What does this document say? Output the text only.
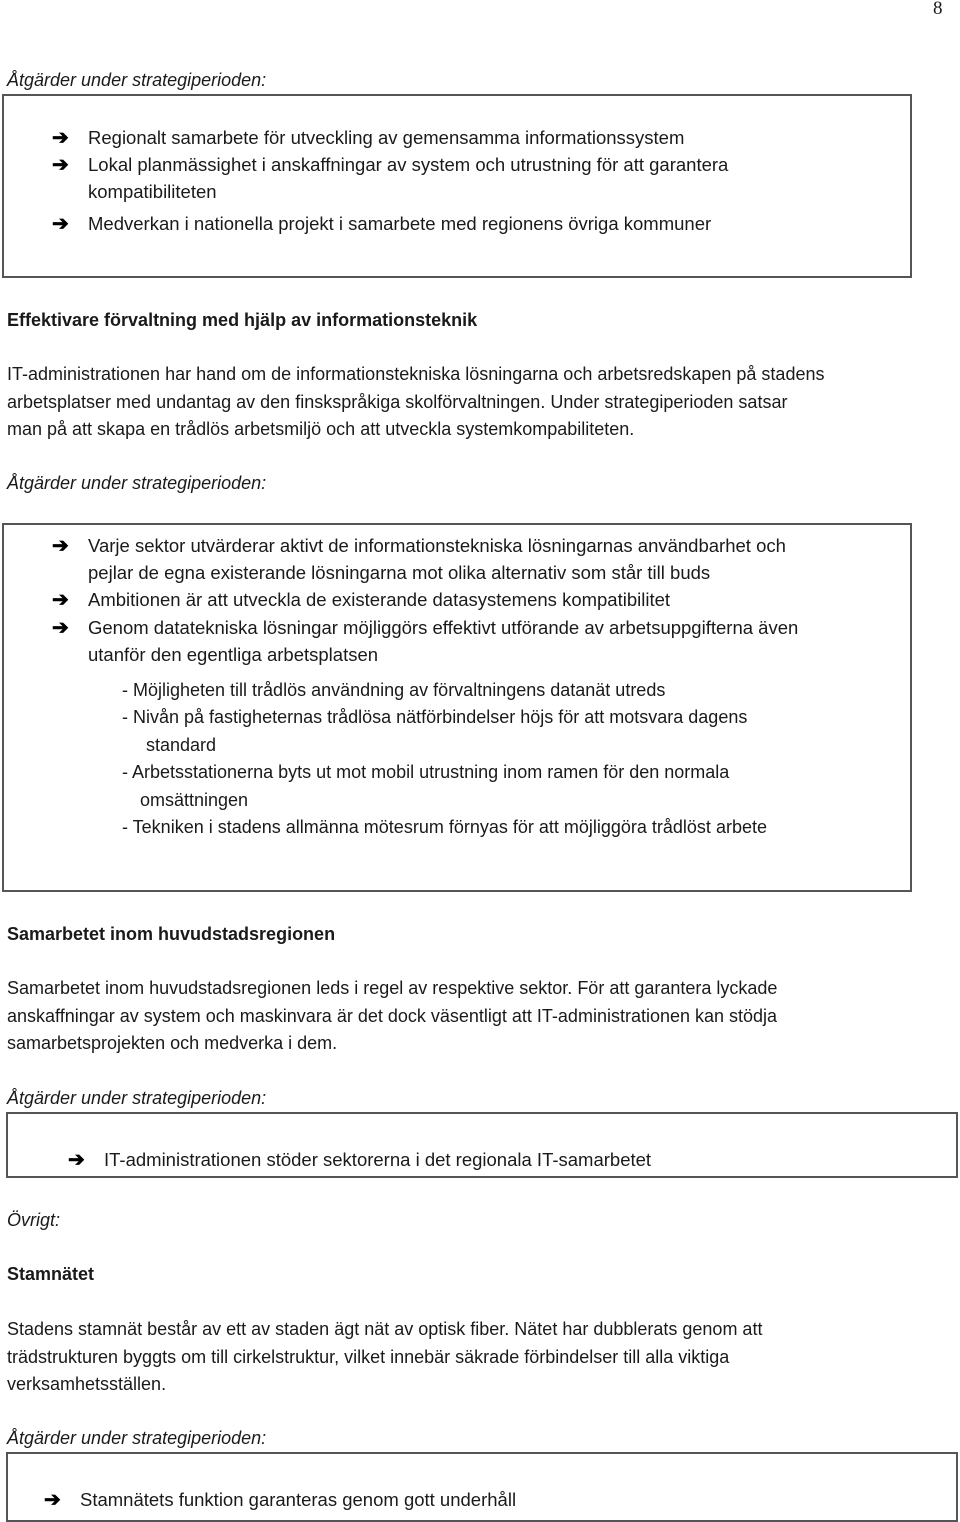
8
Åtgärder under strategiperioden:
➔ Regionalt samarbete för utveckling av gemensamma informationssystem
➔ Lokal planmässighet i anskaffningar av system och utrustning för att garantera
kompatibiliteten
➔ Medverkan i nationella projekt i samarbete med regionens övriga kommuner
Effektivare förvaltning med hjälp av informationsteknik
IT-administrationen har hand om de informationstekniska lösningarna och arbetsredskapen på stadens
arbetsplatser med undantag av den finskspråkiga skolförvaltningen. Under strategiperioden satsar
man på att skapa en trådlös arbetsmiljö och att utveckla systemkompabiliteten.
Åtgärder under strategiperioden:
➔ Varje sektor utvärderar aktivt de informationstekniska lösningarnas användbarhet och
pejlar de egna existerande lösningarna mot olika alternativ som står till buds
➔ Ambitionen är att utveckla de existerande datasystemens kompatibilitet
➔ Genom datatekniska lösningar möjliggörs effektivt utförande av arbetsuppgifterna även
utanför den egentliga arbetsplatsen
- Möjligheten till trådlös användning av förvaltningens datanät utreds
- Nivån på fastigheternas trådlösa nätförbindelser höjs för att motsvara dagens
standard
- Arbetsstationerna byts ut mot mobil utrustning inom ramen för den normala
omsättningen
- Tekniken i stadens allmänna mötesrum förnyas för att möjliggöra trådlöst arbete
Samarbetet inom huvudstadsregionen
Samarbetet inom huvudstadsregionen leds i regel av respektive sektor. För att garantera lyckade
anskaffningar av system och maskinvara är det dock väsentligt att IT-administrationen kan stödja
samarbetsprojekten och medverka i dem.
Åtgärder under strategiperioden:
➔ IT-administrationen stöder sektorerna i det regionala IT-samarbetet
Övrigt:
Stamnätet
Stadens stamnät består av ett av staden ägt nät av optisk fiber. Nätet har dubblerats genom att
trädstrukturen byggts om till cirkelstruktur, vilket innebär säkrade förbindelser till alla viktiga
verksamhetsställen.
Åtgärder under strategiperioden:
➔ Stamnätets funktion garanteras genom gott underhåll
